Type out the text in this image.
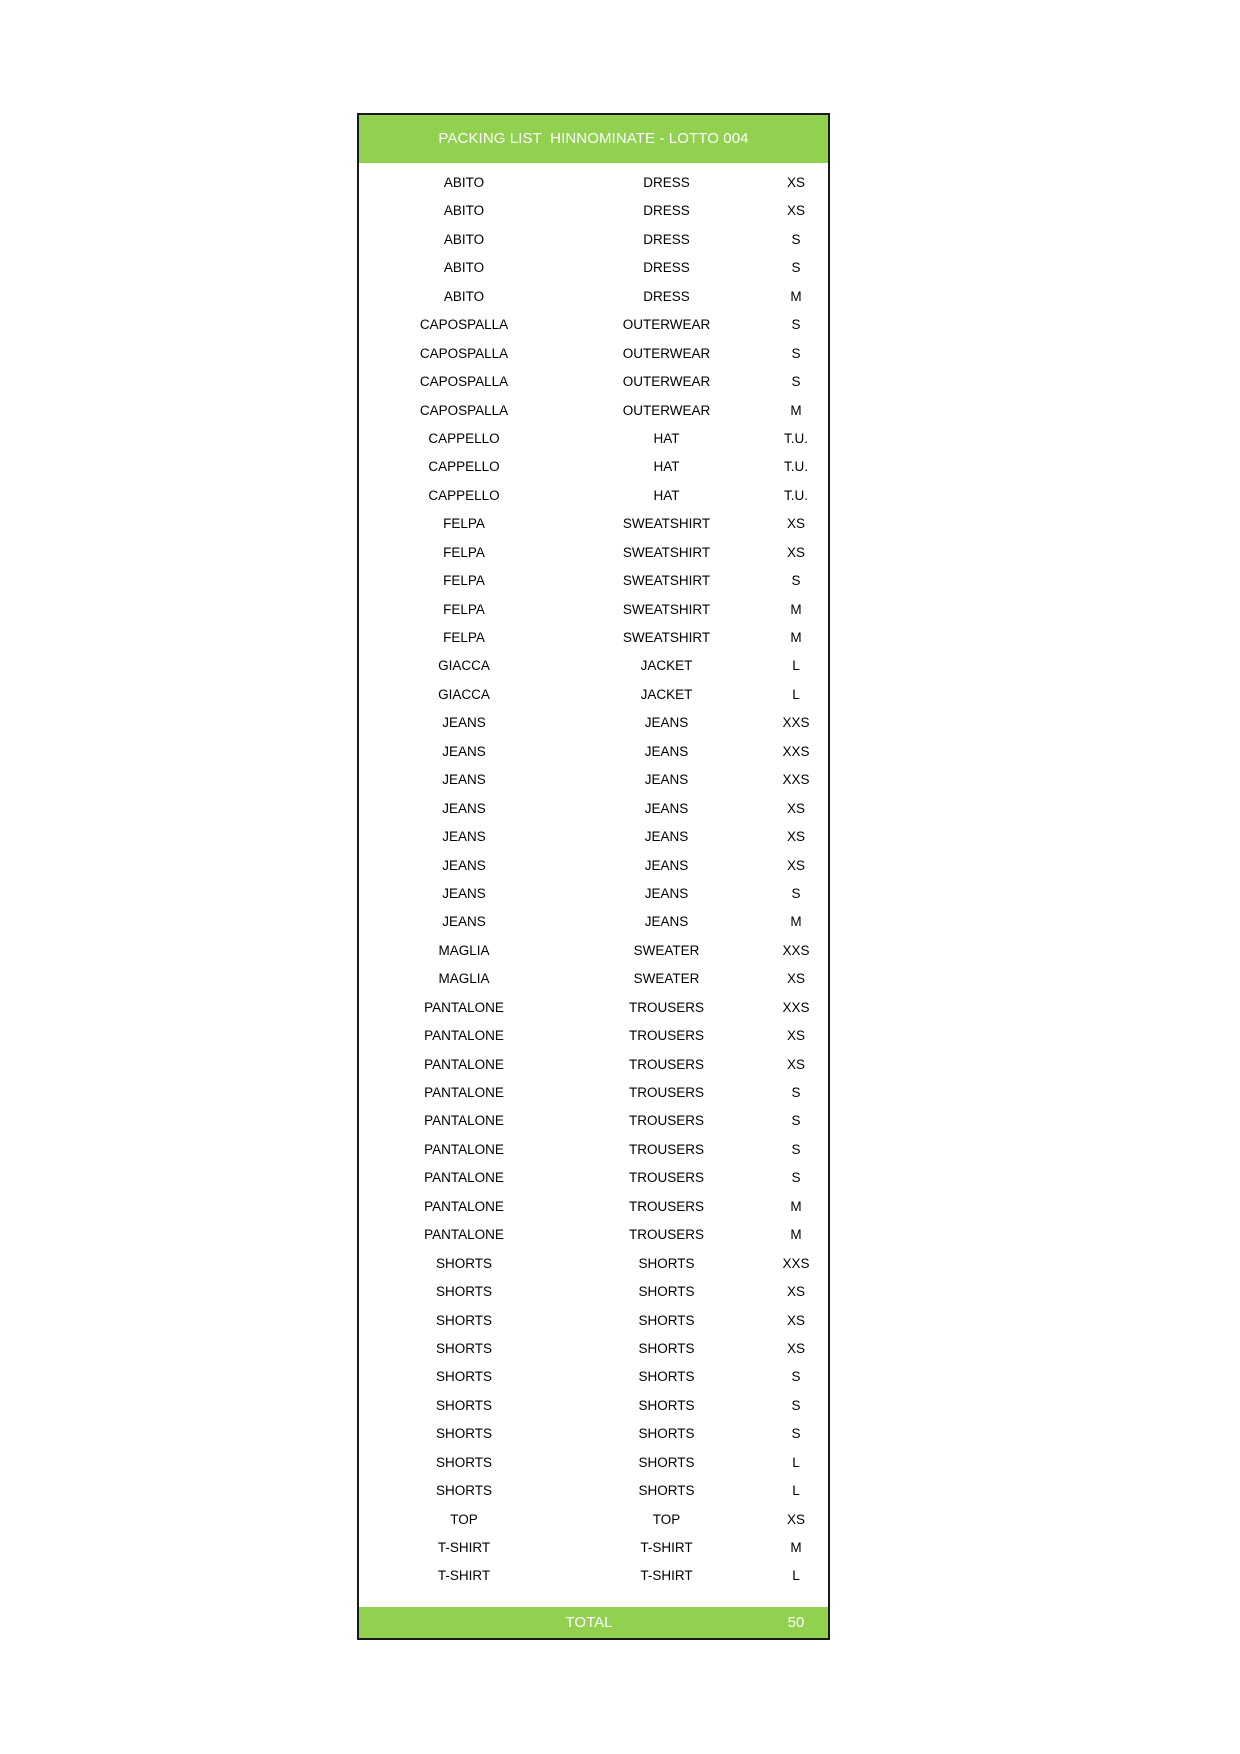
PACKING LIST  HINNOMINATE - LOTTO 004
ABITO	DRESS	XS
ABITO	DRESS	XS
ABITO	DRESS	S
ABITO	DRESS	S
ABITO	DRESS	M
CAPOSPALLA	OUTERWEAR	S
CAPOSPALLA	OUTERWEAR	S
CAPOSPALLA	OUTERWEAR	S
CAPOSPALLA	OUTERWEAR	M
CAPPELLO	HAT	T.U.
CAPPELLO	HAT	T.U.
CAPPELLO	HAT	T.U.
FELPA	SWEATSHIRT	XS
FELPA	SWEATSHIRT	XS
FELPA	SWEATSHIRT	S
FELPA	SWEATSHIRT	M
FELPA	SWEATSHIRT	M
GIACCA	JACKET	L
GIACCA	JACKET	L
JEANS	JEANS	XXS
JEANS	JEANS	XXS
JEANS	JEANS	XXS
JEANS	JEANS	XS
JEANS	JEANS	XS
JEANS	JEANS	XS
JEANS	JEANS	S
JEANS	JEANS	M
MAGLIA	SWEATER	XXS
MAGLIA	SWEATER	XS
PANTALONE	TROUSERS	XXS
PANTALONE	TROUSERS	XS
PANTALONE	TROUSERS	XS
PANTALONE	TROUSERS	S
PANTALONE	TROUSERS	S
PANTALONE	TROUSERS	S
PANTALONE	TROUSERS	S
PANTALONE	TROUSERS	M
PANTALONE	TROUSERS	M
SHORTS	SHORTS	XXS
SHORTS	SHORTS	XS
SHORTS	SHORTS	XS
SHORTS	SHORTS	XS
SHORTS	SHORTS	S
SHORTS	SHORTS	S
SHORTS	SHORTS	S
SHORTS	SHORTS	L
SHORTS	SHORTS	L
TOP	TOP	XS
T-SHIRT	T-SHIRT	M
T-SHIRT	T-SHIRT	L
TOTAL	50
